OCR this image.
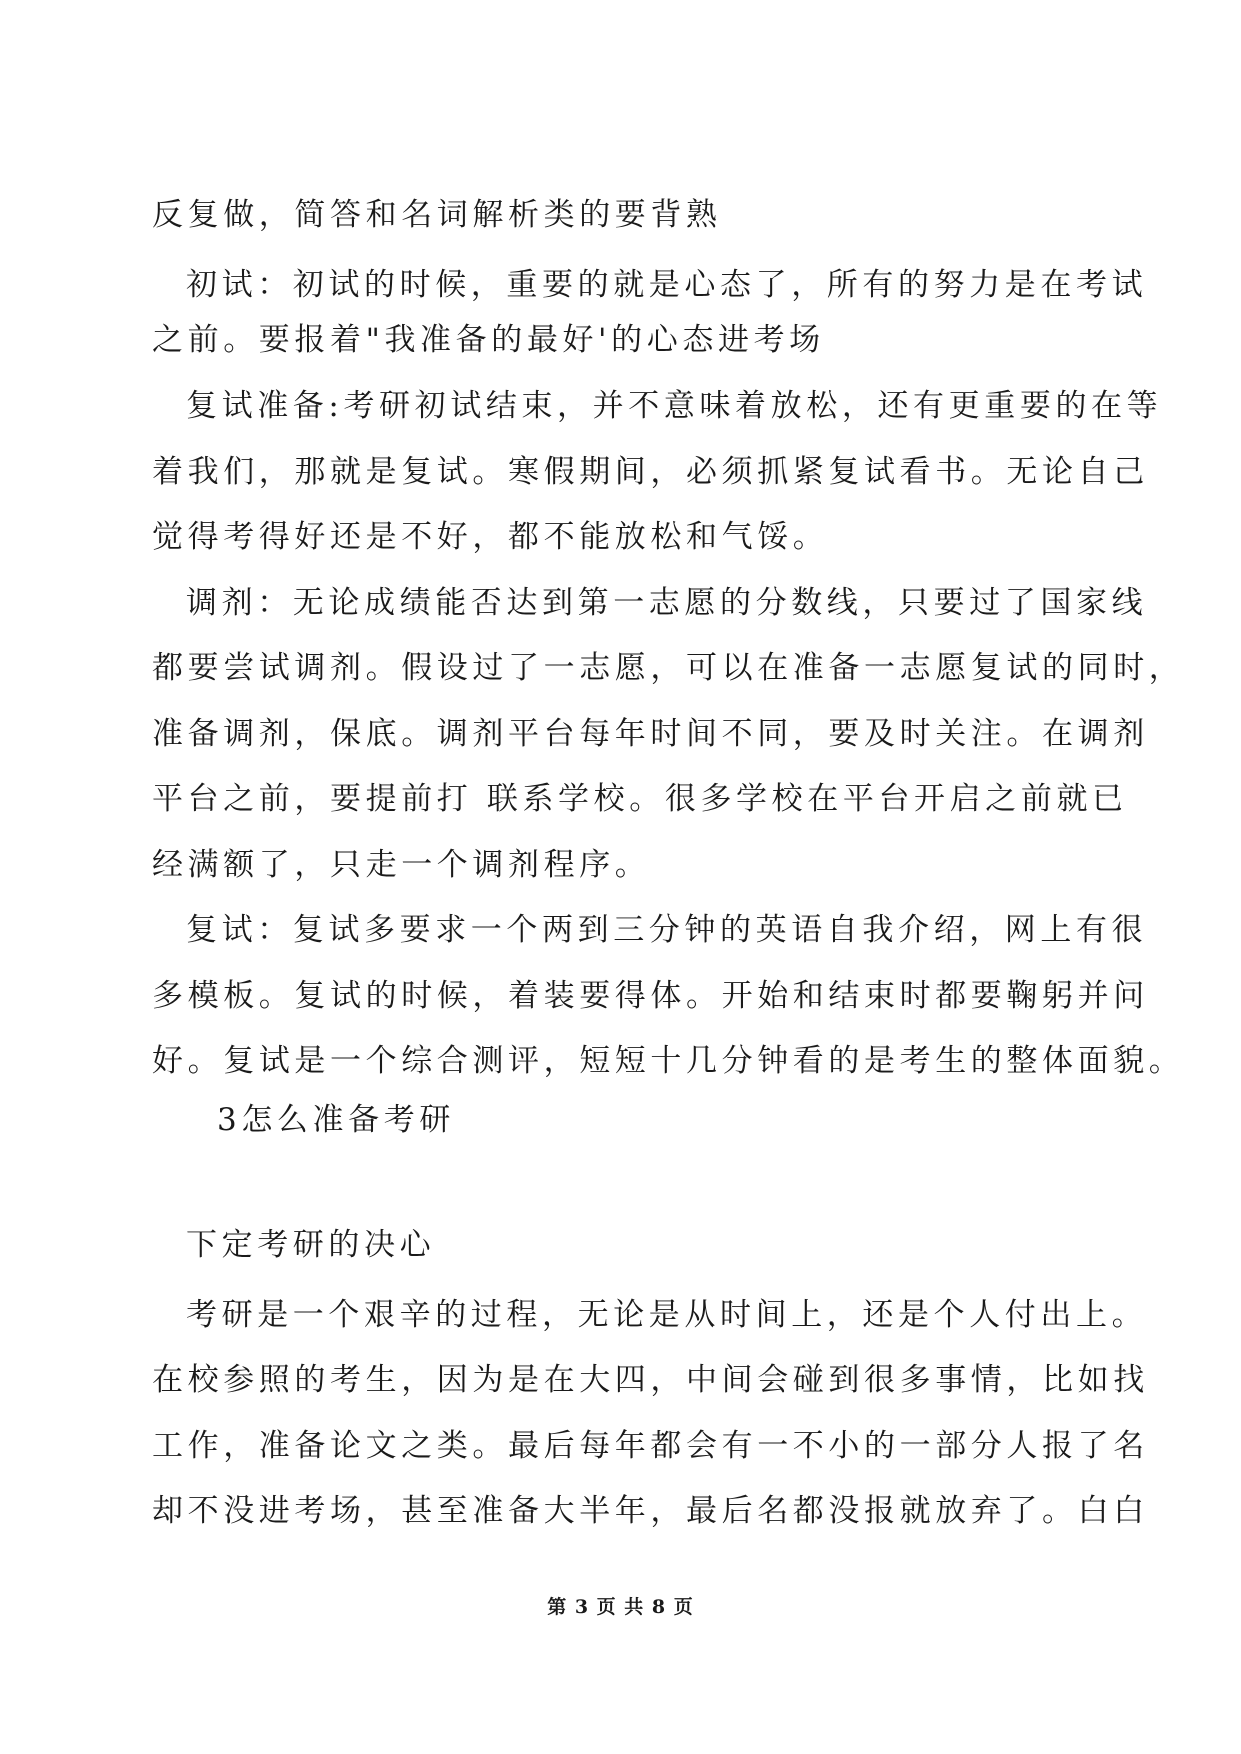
反复做，简答和名词解析类的要背熟
初试：初试的时候，重要的就是心态了，所有的努力是在考试
之前。要报着"我准备的最好'的心态进考场
复试准备:考研初试结束，并不意味着放松，还有更重要的在等
着我们，那就是复试。寒假期间，必须抓紧复试看书。无论自己
觉得考得好还是不好，都不能放松和气馁。
调剂：无论成绩能否达到第一志愿的分数线，只要过了国家线
都要尝试调剂。假设过了一志愿，可以在准备一志愿复试的同时，
准备调剂，保底。调剂平台每年时间不同，要及时关注。在调剂
平台之前，要提前打 联系学校。很多学校在平台开启之前就已
经满额了，只走一个调剂程序。
复试：复试多要求一个两到三分钟的英语自我介绍，网上有很
多模板。复试的时候，着装要得体。开始和结束时都要鞠躬并问
好。复试是一个综合测评，短短十几分钟看的是考生的整体面貌。
3怎么准备考研
下定考研的决心
考研是一个艰辛的过程，无论是从时间上，还是个人付出上。
在校参照的考生，因为是在大四，中间会碰到很多事情，比如找
工作，准备论文之类。最后每年都会有一不小的一部分人报了名
却不没进考场，甚至准备大半年，最后名都没报就放弃了。白白
第 3 页 共 8 页
